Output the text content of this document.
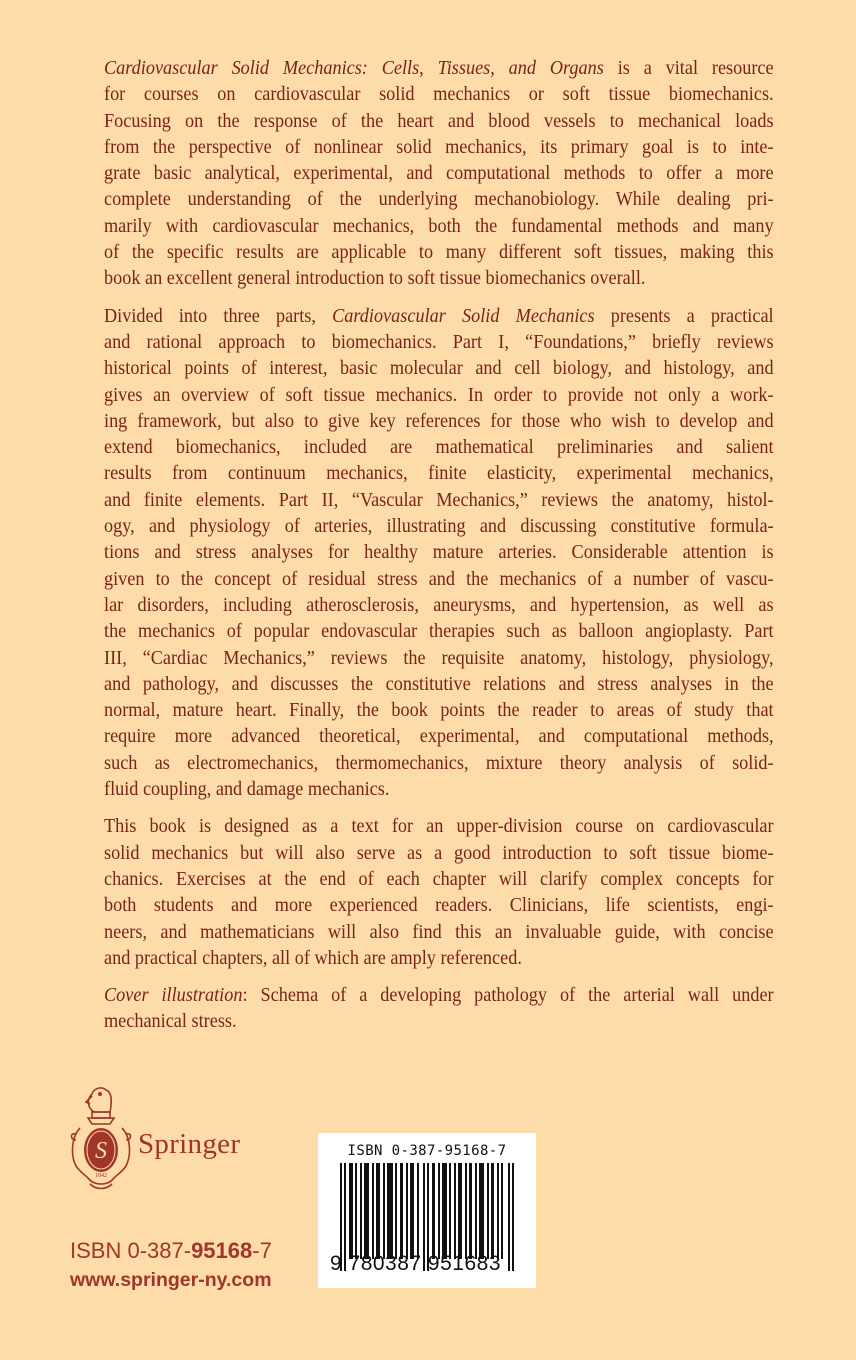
Cardiovascular Solid Mechanics: Cells, Tissues, and Organs is a vital resource
for courses on cardiovascular solid mechanics or soft tissue biomechanics.
Focusing on the response of the heart and blood vessels to mechanical loads
from the perspective of nonlinear solid mechanics, its primary goal is to inte-
grate basic analytical, experimental, and computational methods to offer a more
complete understanding of the underlying mechanobiology. While dealing pri-
marily with cardiovascular mechanics, both the fundamental methods and many
of the specific results are applicable to many different soft tissues, making this
book an excellent general introduction to soft tissue biomechanics overall.
Divided into three parts, Cardiovascular Solid Mechanics presents a practical
and rational approach to biomechanics. Part I, “Foundations,” briefly reviews
historical points of interest, basic molecular and cell biology, and histology, and
gives an overview of soft tissue mechanics. In order to provide not only a work-
ing framework, but also to give key references for those who wish to develop and
extend biomechanics, included are mathematical preliminaries and salient
results from continuum mechanics, finite elasticity, experimental mechanics,
and finite elements. Part II, “Vascular Mechanics,” reviews the anatomy, histol-
ogy, and physiology of arteries, illustrating and discussing constitutive formula-
tions and stress analyses for healthy mature arteries. Considerable attention is
given to the concept of residual stress and the mechanics of a number of vascu-
lar disorders, including atherosclerosis, aneurysms, and hypertension, as well as
the mechanics of popular endovascular therapies such as balloon angioplasty. Part
III, “Cardiac Mechanics,” reviews the requisite anatomy, histology, physiology,
and pathology, and discusses the constitutive relations and stress analyses in the
normal, mature heart. Finally, the book points the reader to areas of study that
require more advanced theoretical, experimental, and computational methods,
such as electromechanics, thermomechanics, mixture theory analysis of solid-
fluid coupling, and damage mechanics.
This book is designed as a text for an upper-division course on cardiovascular
solid mechanics but will also serve as a good introduction to soft tissue biome-
chanics. Exercises at the end of each chapter will clarify complex concepts for
both students and more experienced readers. Clinicians, life scientists, engi-
neers, and mathematicians will also find this an invaluable guide, with concise
and practical chapters, all of which are amply referenced.
Cover illustration: Schema of a developing pathology of the arterial wall under
mechanical stress.
S
1842
Springer
ISBN 0-387-95168-7
www.springer-ny.com
ISBN 0-387-95168-7
9 780387 951683
